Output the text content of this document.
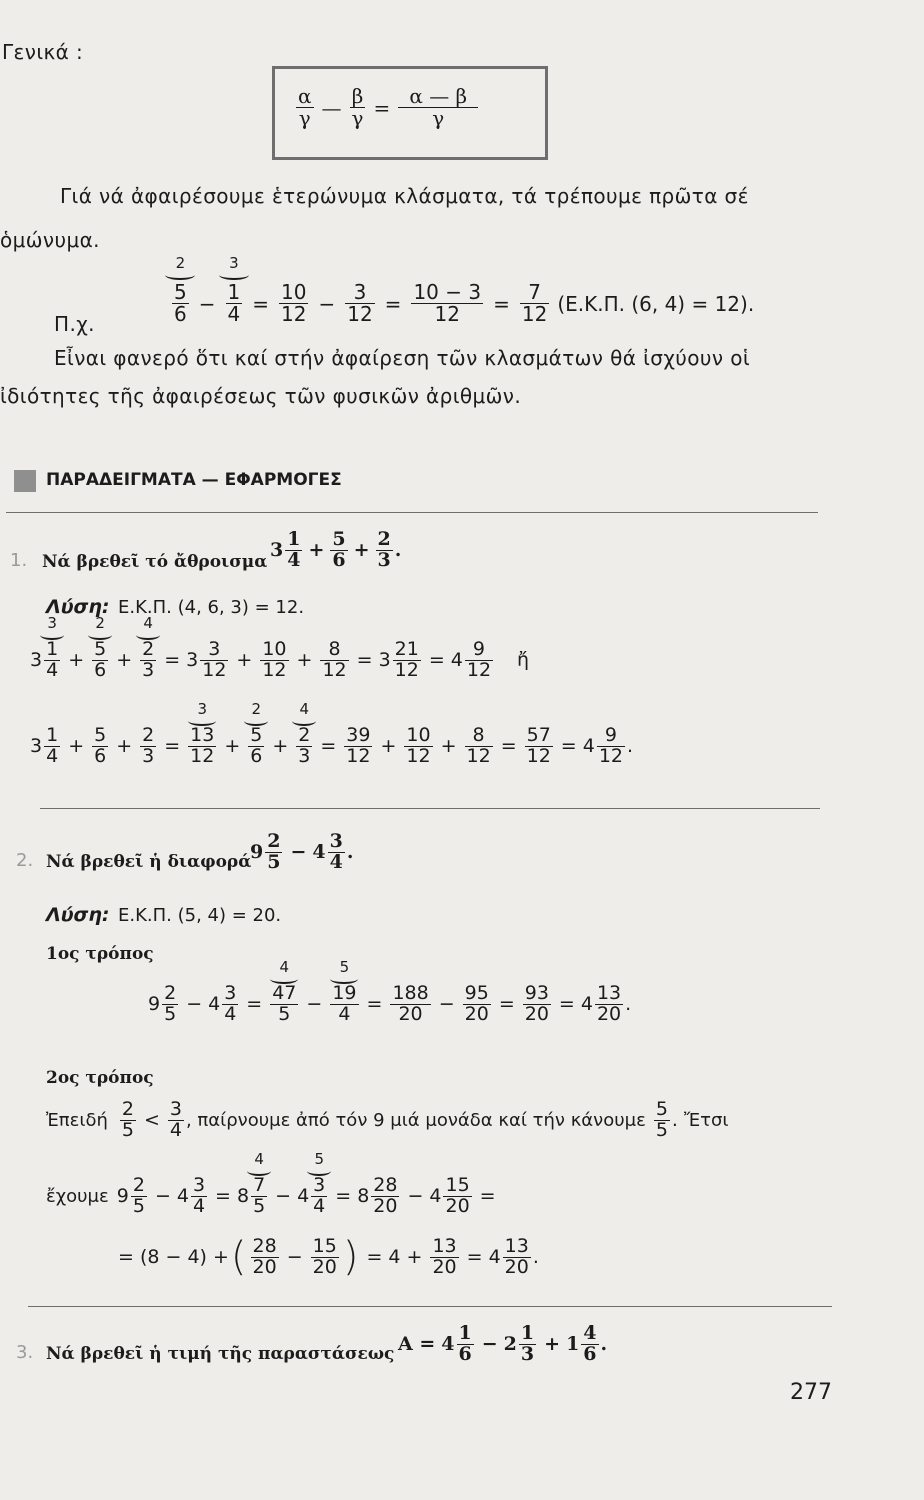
Γενικά :
$\frac{\alpha}{\gamma}$ — $\frac{\beta}{\gamma} = \frac{\alpha — \beta}{\gamma}$
Γιά νά ἀφαιρέσουμε ἑτερώνυμα κλάσματα, τά τρέπουμε πρῶτα σέ
ὁμώνυμα.
Π.χ.
2
$\frac{5}{6}$ −
3
$\frac{1}{4} = \frac{10}{12} - \frac{3}{12} = \frac{10 - 3}{12} = \frac{7}{12} (E.K.\Pi$. (6, 4) = 12).
Εἶναι φανερό ὅτι καί στήν ἀφαίρεση τῶν κλασμάτων θά ἰσχύουν οἱ
ἰδιότητες τῆς ἀφαιρέσεως τῶν φυσικῶν ἀριθμῶν.
ΠΑΡΑΔΕΙΓΜΑΤΑ — ΕΦΑΡΜΟΓΕΣ
1. Νά βρεθεῖ τό ἄθροισμα
$3 \frac{1}{4} + \frac{5}{6} + \frac{2}{3}$ .
Λύση: Ε.Κ.Π. (4, 6, 3) = 12.
3
3
$\frac{1}{4}$ +
2
$\frac{5}{6}$ +
4
$\frac{2}{3} = 3 \frac{3}{12} + \frac{10}{12} + \frac{8}{12} = 3 \frac{21}{12} = 4 \frac{9}{12}$ ἤ
$3 \frac{1}{4} + \frac{5}{6} + \frac{2}{3}$ =
3
$\frac{13}{12}$ +
2
$\frac{5}{6}$ +
4
$\frac{2}{3} = \frac{39}{12} + \frac{10}{12} + \frac{8}{12} = \frac{57}{12} = 4 \frac{9}{12}$ .
2. Νά βρεθεῖ ἡ διαφορά
$9 \frac{2}{5} - 4 \frac{3}{4}$ .
Λύση: Ε.Κ.Π. (5, 4) = 20.
1ος τρόπος
$9 \frac{2}{5} - 4 \frac{3}{4}$ =
4
$\frac{47}{5}$ −
5
$\frac{19}{4} = \frac{188}{20} - \frac{95}{20} = \frac{93}{20} = 4 \frac{13}{20}$ .
2ος τρόπος
Ἐπειδή $\frac{2}{5} < \frac{3}{4}$ , παίρνουμε ἀπό τόν 9 μιά μονάδα καί τήν κάνουμε $\frac{5}{5}$ . Ἔτσι
ἔχουμε $9 \frac{2}{5} - 4 \frac{3}{4} = 8$
4
$\frac{7}{5} - 4$
5
$\frac{3}{4} = 8 \frac{28}{20} - 4 \frac{15}{20}$ =
= (8 − 4) + ( $\frac{28}{20} - \frac{15}{20}$ ) = $4 + \frac{13}{20} = 4 \frac{13}{20}$ .
3. Νά βρεθεῖ ἡ τιμή τῆς παραστάσεως $A = 4 \frac{1}{6} - 2 \frac{1}{3} + 1 \frac{4}{6}$ .
277
